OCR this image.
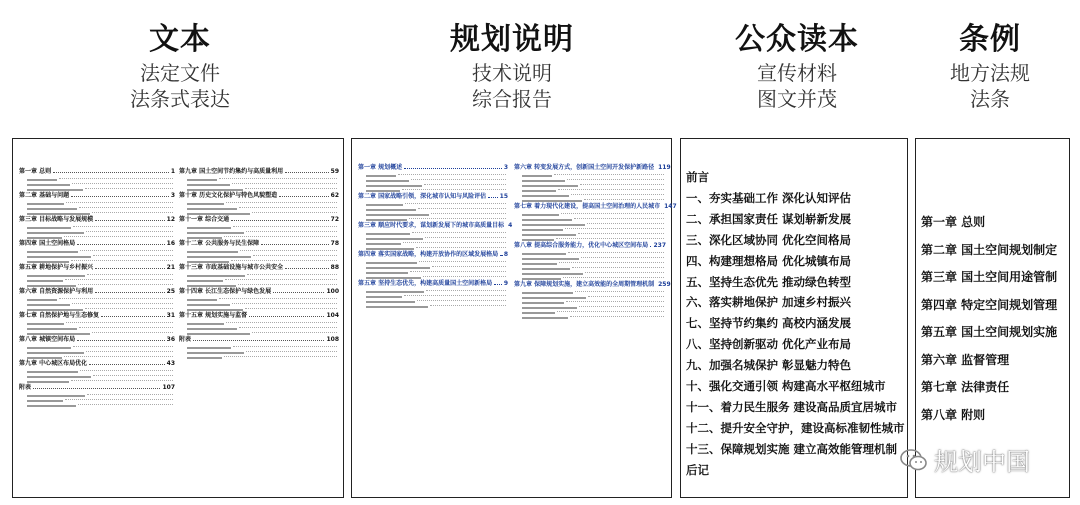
文本
法定文件
法条式表达
规划说明
技术说明
综合报告
公众读本
宣传材料
图文并茂
条例
地方法规
法条
第一章 总则	1
第二章 基础与问题	3
第三章 目标战略与发展规模	12
第四章 国土空间格局	16
第五章 耕地保护与乡村振兴	21
第六章 自然资源保护与利用	25
第七章 自然保护地与生态修复	31
第八章 城镇空间布局	36
第九章 中心城区布局优化	43
附表	107
第九章 国土空间节约集约与高质量利用	59
第十章 历史文化保护与特色风貌塑造	62
第十一章 综合交通	72
第十二章 公共服务与民生保障	78
第十三章 市政基础设施与城市公共安全	88
第十四章 长江生态保护与绿色发展	100
第十五章 规划实施与监督	104
附表	108
第一章 规划概述	3
第二章 国家战略引领，深化城市认知与风险评估 15
第三章 顺应时代要求，谋划新发展下的城市高质量目标 4
第四章 落实国家战略，构建开放协作的区域发展格局 8
第五章 坚持生态优先，构建高质量国土空间新格局 9
第六章 转变发展方式，创新国土空间开发保护新路径 119
第七章 着力现代化建设，提高国土空间治理的人民城市 147
第八章 提高综合服务能力，优化中心城区空间布局 237
第九章 保障规划实施，建立高效能的全周期管理机制 259
前言
一、夯实基础工作 深化认知评估
二、承担国家责任 谋划崭新发展
三、深化区域协同 优化空间格局
四、构建理想格局 优化城镇布局
五、坚持生态优先 推动绿色转型
六、落实耕地保护 加速乡村振兴
七、坚持节约集约 高校内涵发展
八、坚持创新驱动 优化产业布局
九、加强名城保护 彰显魅力特色
十、强化交通引领 构建高水平枢纽城市
十一、着力民生服务 建设高品质宜居城市
十二、提升安全守护，建设高标准韧性城市
十三、保障规划实施 建立高效能管理机制
后记
第一章 总则
第二章 国土空间规划制定
第三章 国土空间用途管制
第四章 特定空间规划管理
第五章 国土空间规划实施
第六章 监督管理
第七章 法律责任
第八章 附则
规划中国
